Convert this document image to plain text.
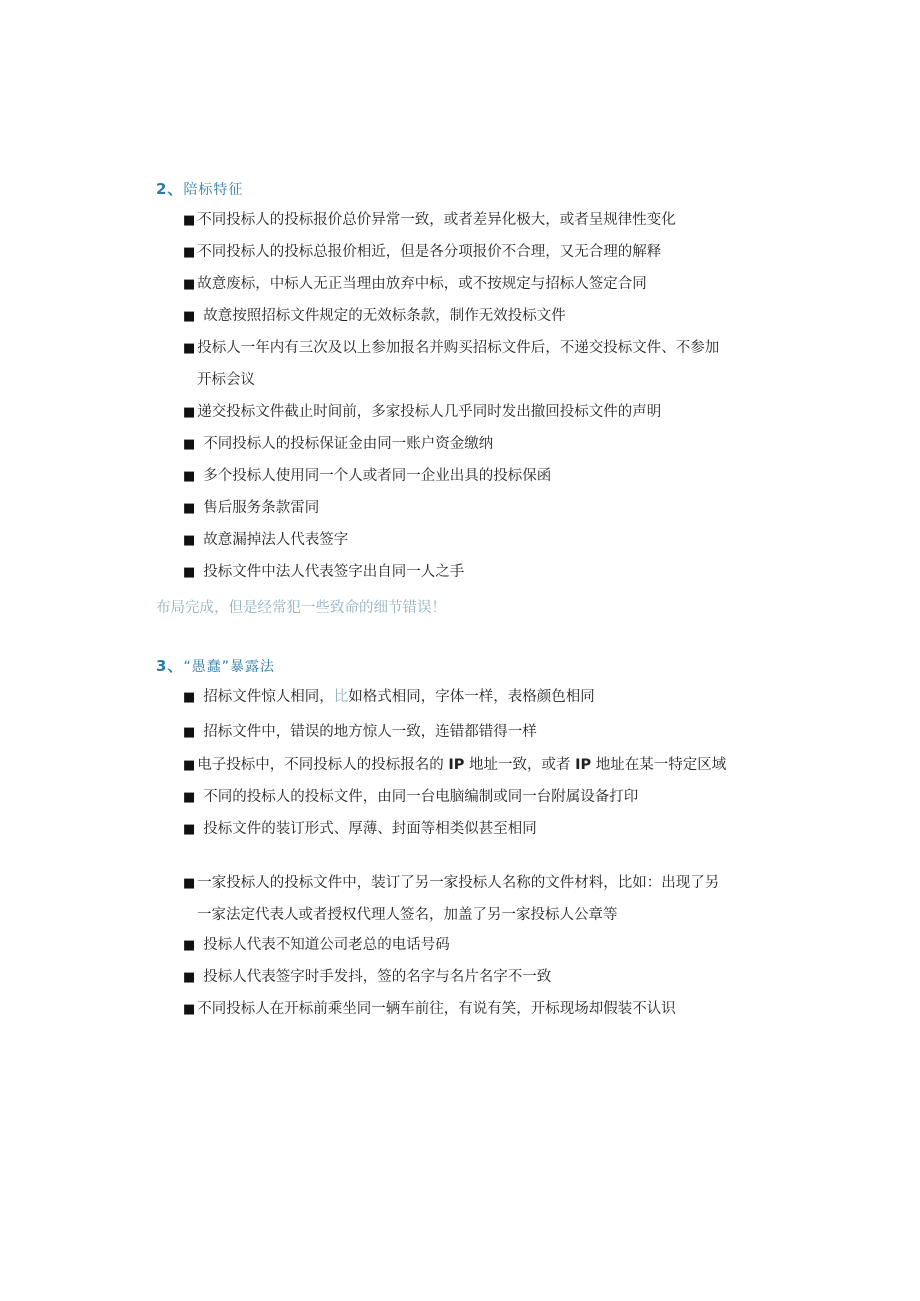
2、陪标特征
■ 不同投标人的投标报价总价异常一致，或者差异化极大，或者呈规律性变化
■ 不同投标人的投标总报价相近，但是各分项报价不合理，又无合理的解释
■ 故意废标，中标人无正当理由放弃中标，或不按规定与招标人签定合同
■ 故意按照招标文件规定的无效标条款，制作无效投标文件
■ 投标人一年内有三次及以上参加报名并购买招标文件后，不递交投标文件、不参加
开标会议
■ 递交投标文件截止时间前，多家投标人几乎同时发出撤回投标文件的声明
■ 不同投标人的投标保证金由同一账户资金缴纳
■ 多个投标人使用同一个人或者同一企业出具的投标保函
■ 售后服务条款雷同
■ 故意漏掉法人代表签字
■ 投标文件中法人代表签字出自同一人之手
布局完成，但是经常犯一些致命的细节错误！
3、“愚蠢”暴露法
■ 招标文件惊人相同，比如格式相同，字体一样，表格颜色相同
■ 招标文件中，错误的地方惊人一致，连错都错得一样
■ 电子投标中，不同投标人的投标报名的 IP 地址一致，或者 IP 地址在某一特定区域
■ 不同的投标人的投标文件，由同一台电脑编制或同一台附属设备打印
■ 投标文件的装订形式、厚薄、封面等相类似甚至相同
■ 一家投标人的投标文件中，装订了另一家投标人名称的文件材料，比如：出现了另
一家法定代表人或者授权代理人签名，加盖了另一家投标人公章等
■ 投标人代表不知道公司老总的电话号码
■ 投标人代表签字时手发抖，签的名字与名片名字不一致
■ 不同投标人在开标前乘坐同一辆车前往，有说有笑，开标现场却假装不认识
